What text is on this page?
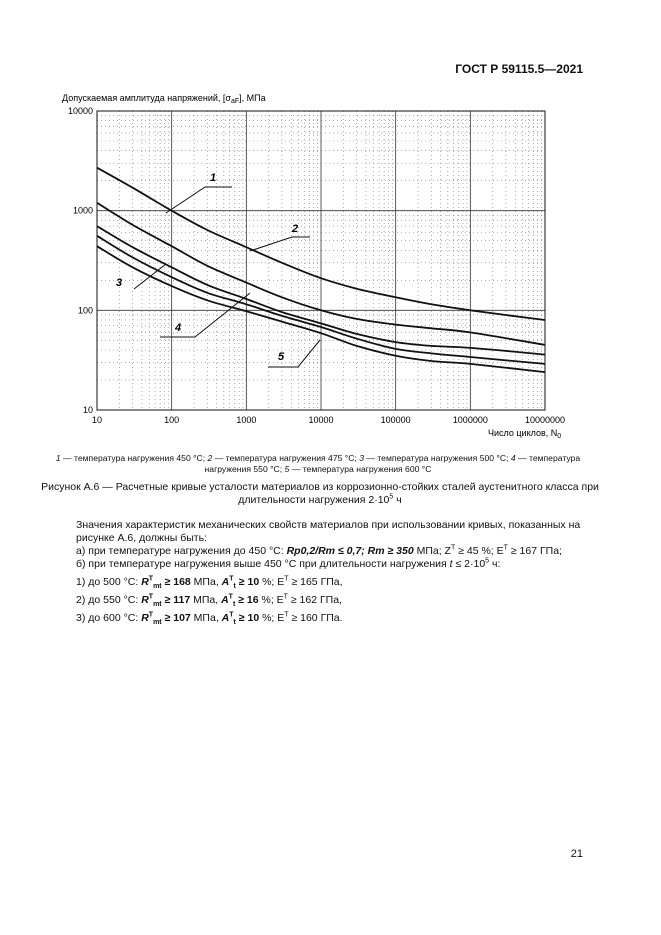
ГОСТ Р 59115.5—2021
Допускаемая амплитуда напряжений, $[\sigma_{aF}]$, МПа
10	100	1000	10000	100000	1000000	10000000
10
100
1000
10000
1
2
3
4
5
Число циклов, $N_0$
1 — температура нагружения 450 °С; 2 — температура нагружения 475 °С; 3 — температура нагружения 500 °С; 4 — температура нагружения 550 °С; 5 — температура нагружения 600 °С
Рисунок А.6 — Расчетные кривые усталости материалов из коррозионно-стойких сталей аустенитного класса при
длительности нагружения $2\cdot 10^5$ ч

Значения характеристик механических свойств материалов при использовании кривых, показанных на рисунке А.6, должны быть:

а) при температуре нагружения до 450 °С: Rp0,2/Rm ≤ 0,7; Rm ≥ 350 МПа; $Z^T \ge 45$ %; $E^T \ge 167$ ГПа;

б) при температуре нагружения выше 450 °С при длительности нагружения $t \le 2\cdot 10^5$ ч:

1) до 500 °С: $R^T_{mt} \ge 168$ МПа, $A^T_t \ge 10$ %; $E^T \ge 165$ ГПа,

2) до 550 °С: $R^T_{mt} \ge 117$ МПа, $A^T_t \ge 16$ %; $E^T \ge 162$ ГПа,

3) до 600 °С: $R^T_{mt} \ge 107$ МПа, $A^T_t \ge 10$ %; $E^T \ge 160$ ГПа.

21
